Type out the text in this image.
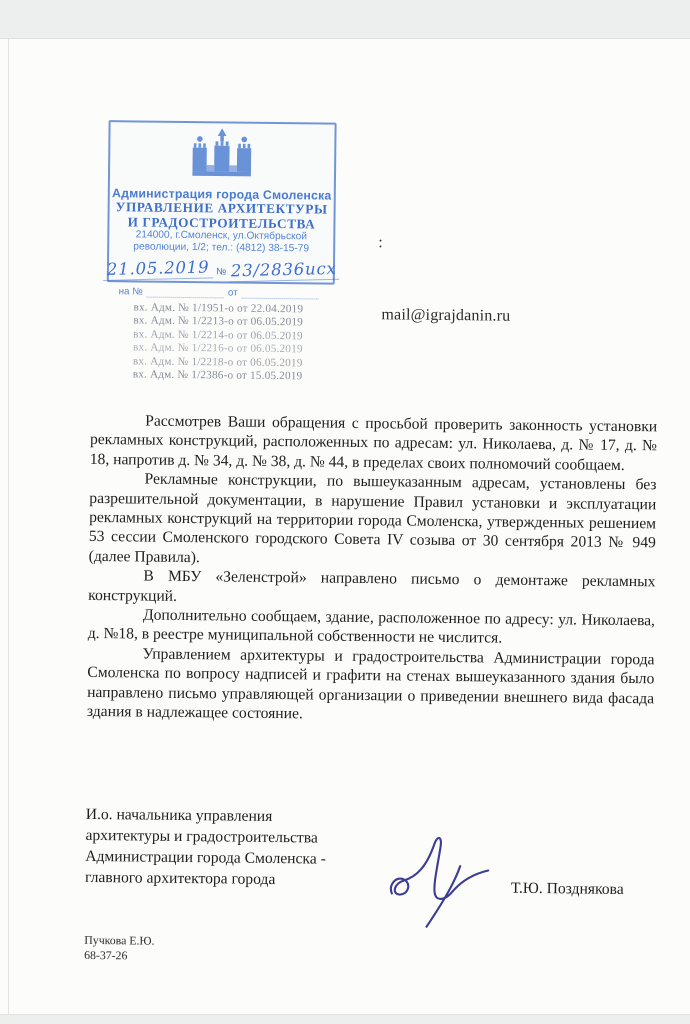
Администрация города Смоленска
УПРАВЛЕНИЕ АРХИТЕКТУРЫ
И ГРАДОСТРОИТЕЛЬСТВА
214000, г.Смоленск, ул.Октябрьской
революции, 1/2; тел.: (4812) 38-15-79
21.05.2019 № 23/2836исх
на №	от
:
mail@igrajdanin.ru
вх. Адм. № 1/1951-о от 22.04.2019
вх. Адм. № 1/2213-о от 06.05.2019
вх. Адм. № 1/2214-о от 06.05.2019
вх. Адм. № 1/2216-о от 06.05.2019
вх. Адм. № 1/2218-о от 06.05.2019
вх. Адм. № 1/2386-о от 15.05.2019

Рассмотрев Ваши обращения с просьбой проверить законность установки рекламных конструкций, расположенных по адресам: ул. Николаева, д. № 17, д. № 18, напротив д. № 34, д. № 38, д. № 44, в пределах своих полномочий сообщаем.

Рекламные конструкции, по вышеуказанным адресам, установлены без разрешительной документации, в нарушение Правил установки и эксплуатации рекламных конструкций на территории города Смоленска, утвержденных решением 53 сессии Смоленского городского Совета IV созыва от 30 сентября 2013 № 949 (далее Правила).

В МБУ «Зеленстрой» направлено письмо о демонтаже рекламных конструкций.

Дополнительно сообщаем, здание, расположенное по адресу: ул. Николаева, д. №18, в реестре муниципальной собственности не числится.

Управлением архитектуры и градостроительства Администрации города Смоленска по вопросу надписей и графити на стенах вышеуказанного здания было направлено письмо управляющей организации о приведении внешнего вида фасада здания в надлежащее состояние.

И.о. начальника управления
архитектуры и градостроительства
Администрации города Смоленска -
главного архитектора города
Т.Ю. Позднякова
Пучкова Е.Ю.
68-37-26
